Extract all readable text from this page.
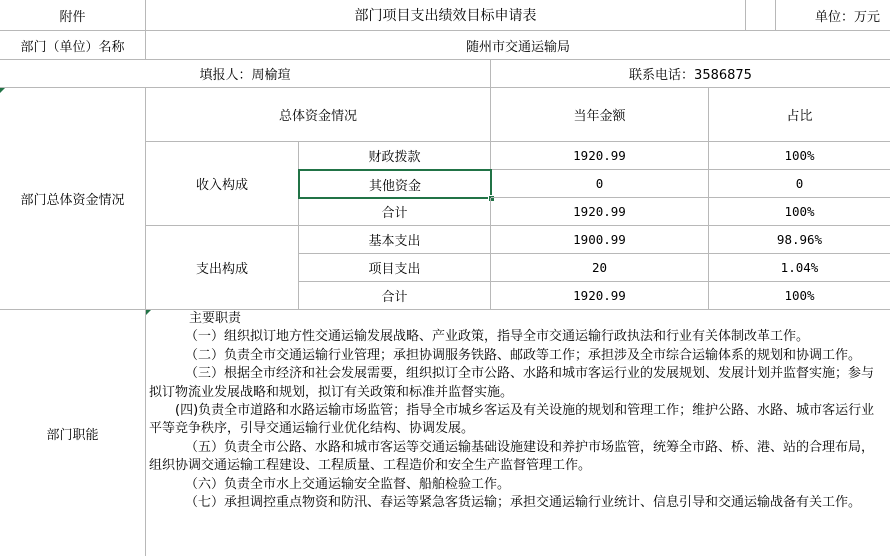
附件	部门项目支出绩效目标申请表	单位：万元
部门（单位）名称	随州市交通运输局
填报人：周榆瑄	联系电话：3586875
部门总体资金情况
总体资金情况	当年金额	占比
收入构成
财政拨款	1920.99	100%
其他资金	0	0
合计	1920.99	100%
支出构成
基本支出	1900.99	98.96%
项目支出	20	1.04%
合计	1920.99	100%
部门职能

主要职责

（一）组织拟订地方性交通运输发展战略、产业政策，指导全市交通运输行政执法和行业有关体制改革工作。

（二）负责全市交通运输行业管理；承担协调服务铁路、邮政等工作；承担涉及全市综合运输体系的规划和协调工作。

（三）根据全市经济和社会发展需要，组织拟订全市公路、水路和城市客运行业的发展规划、发展计划并监督实施；参与拟订物流业发展战略和规划，拟订有关政策和标准并监督实施。

(四)负责全市道路和水路运输市场监管；指导全市城乡客运及有关设施的规划和管理工作；维护公路、水路、城市客运行业平等竞争秩序，引导交通运输行业优化结构、协调发展。

（五）负责全市公路、水路和城市客运等交通运输基础设施建设和养护市场监管，统筹全市路、桥、港、站的合理布局，组织协调交通运输工程建设、工程质量、工程造价和安全生产监督管理工作。

（六）负责全市水上交通运输安全监督、船舶检验工作。

（七）承担调控重点物资和防汛、春运等紧急客货运输；承担交通运输行业统计、信息引导和交通运输战备有关工作。
